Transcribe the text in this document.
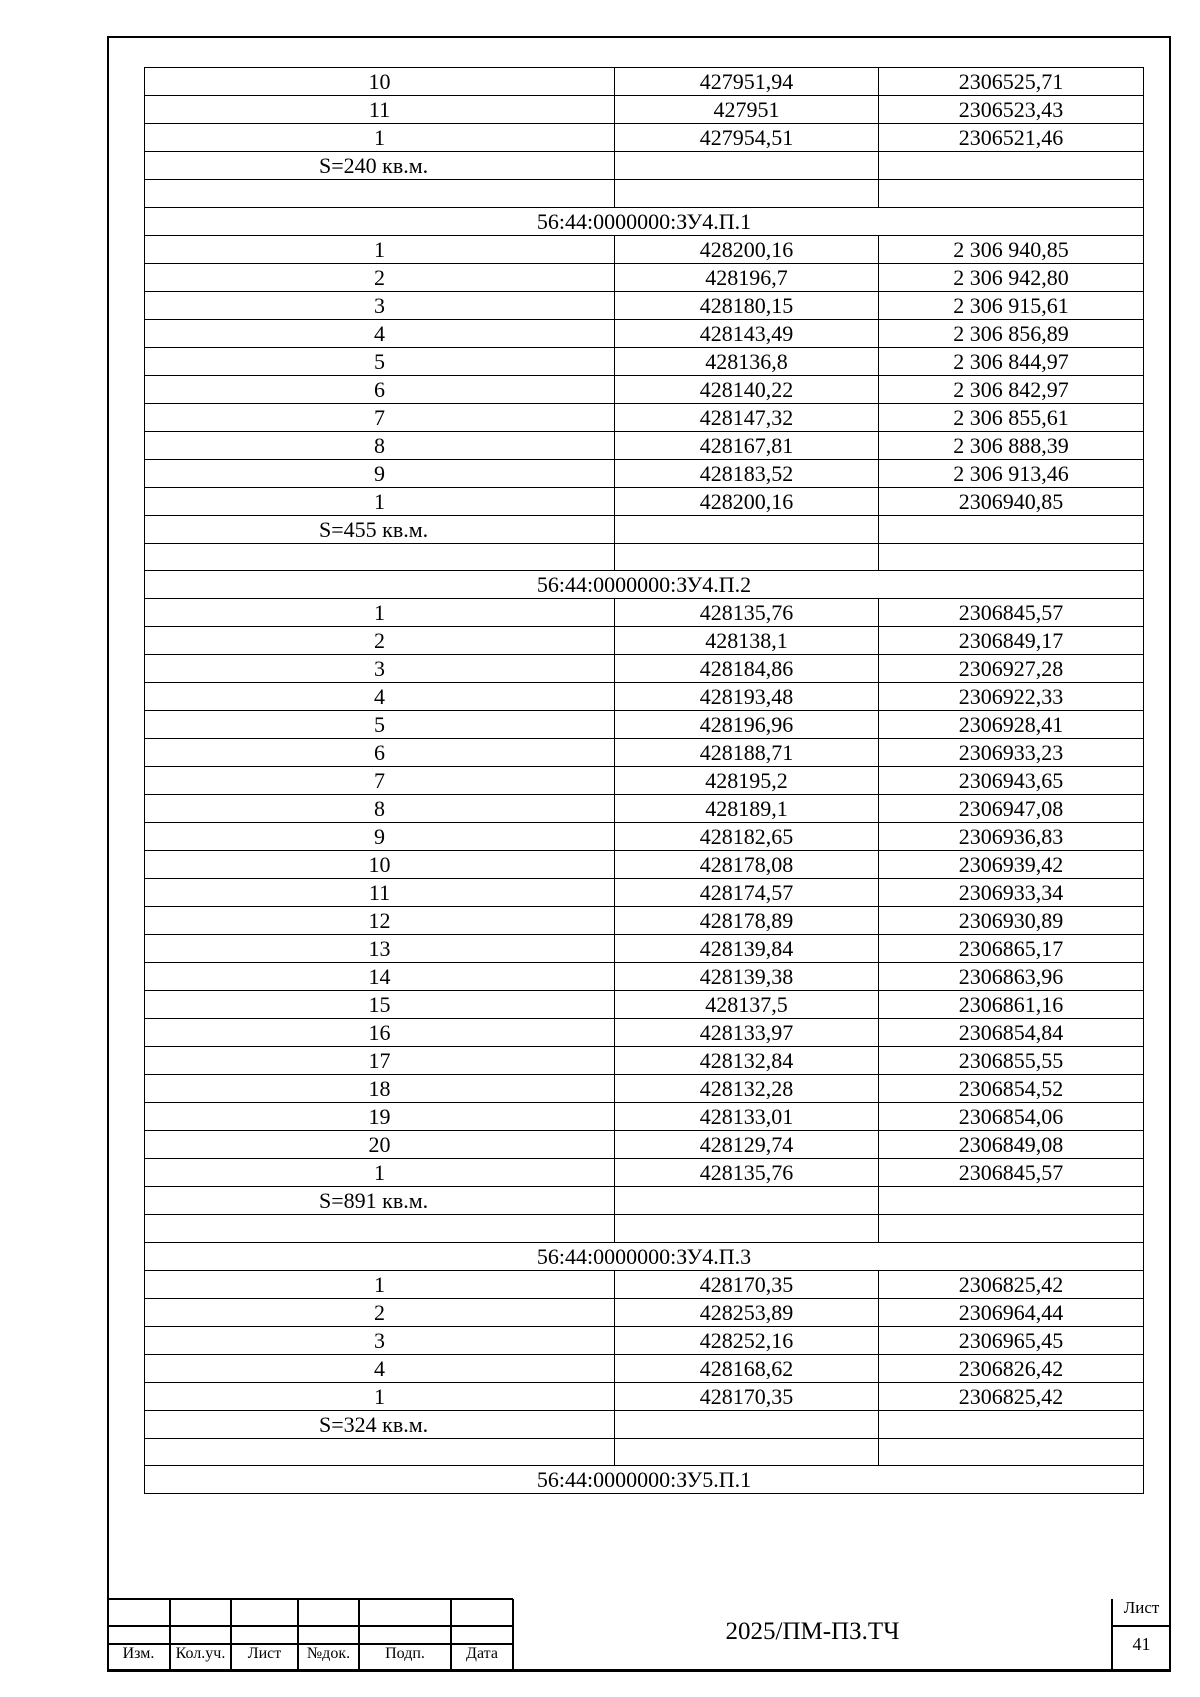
10	427951,94	2306525,71
11	427951	2306523,43
1	427954,51	2306521,46
S=240 кв.м.		

56:44:0000000:ЗУ4.П.1		
1	428200,16	2 306 940,85
2	428196,7	2 306 942,80
3	428180,15	2 306 915,61
4	428143,49	2 306 856,89
5	428136,8	2 306 844,97
6	428140,22	2 306 842,97
7	428147,32	2 306 855,61
8	428167,81	2 306 888,39
9	428183,52	2 306 913,46
1	428200,16	2306940,85
S=455 кв.м.		

56:44:0000000:ЗУ4.П.2		
1	428135,76	2306845,57
2	428138,1	2306849,17
3	428184,86	2306927,28
4	428193,48	2306922,33
5	428196,96	2306928,41
6	428188,71	2306933,23
7	428195,2	2306943,65
8	428189,1	2306947,08
9	428182,65	2306936,83
10	428178,08	2306939,42
11	428174,57	2306933,34
12	428178,89	2306930,89
13	428139,84	2306865,17
14	428139,38	2306863,96
15	428137,5	2306861,16
16	428133,97	2306854,84
17	428132,84	2306855,55
18	428132,28	2306854,52
19	428133,01	2306854,06
20	428129,74	2306849,08
1	428135,76	2306845,57
S=891 кв.м.		

56:44:0000000:ЗУ4.П.3		
1	428170,35	2306825,42
2	428253,89	2306964,44
3	428252,16	2306965,45
4	428168,62	2306826,42
1	428170,35	2306825,42
S=324 кв.м.		

56:44:0000000:ЗУ5.П.1		
Изм.	Кол.уч.	Лист	№док.	Подп.	Дата
2025/ПМ-ПЗ.ТЧ
Лист
41
